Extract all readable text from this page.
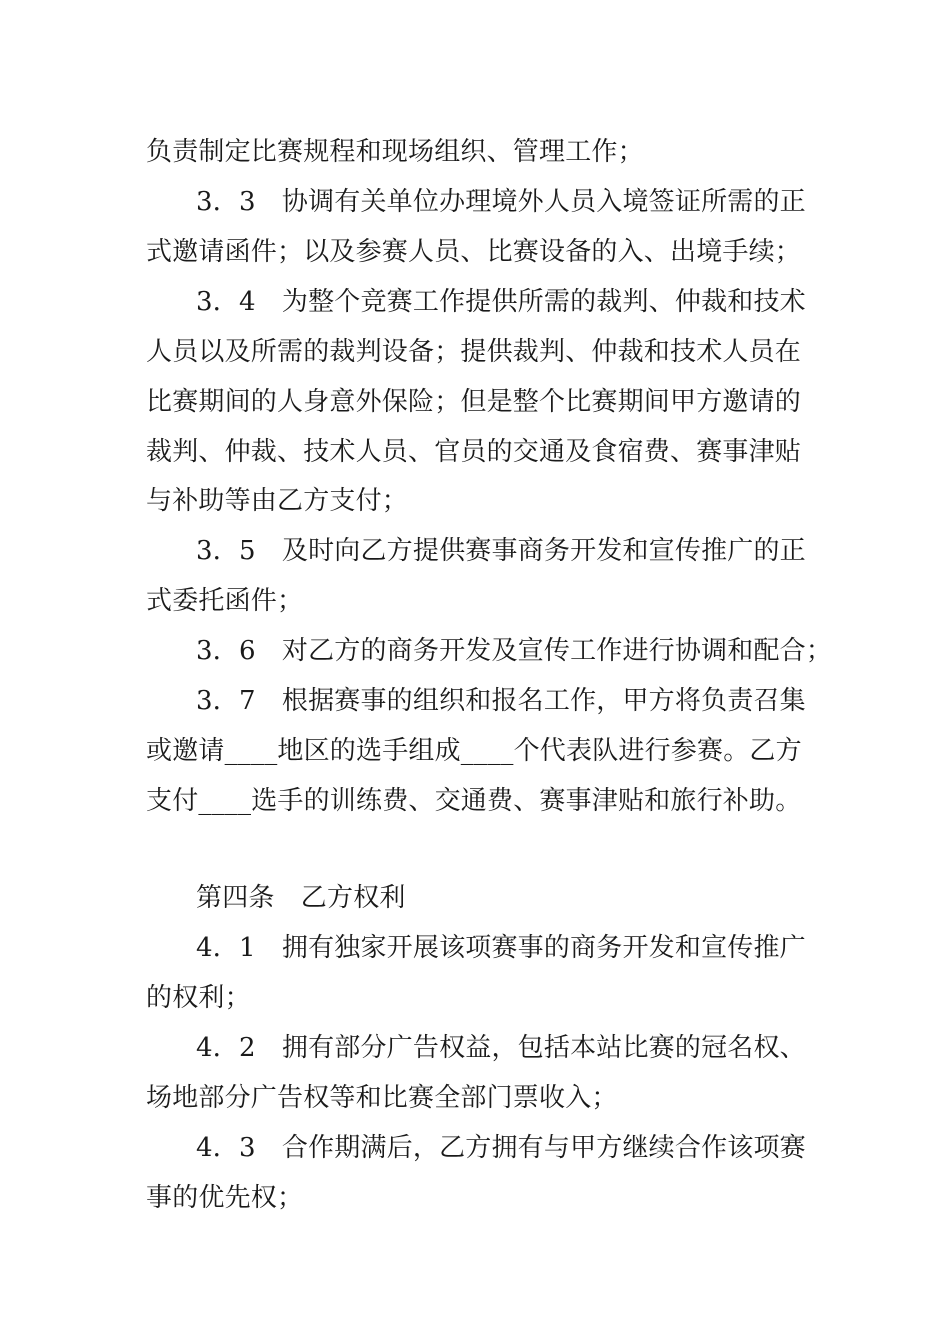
负责制定比赛规程和现场组织、管理工作；
3．3　协调有关单位办理境外人员入境签证所需的正
式邀请函件；以及参赛人员、比赛设备的入、出境手续；
3．4　为整个竞赛工作提供所需的裁判、仲裁和技术
人员以及所需的裁判设备；提供裁判、仲裁和技术人员在
比赛期间的人身意外保险；但是整个比赛期间甲方邀请的
裁判、仲裁、技术人员、官员的交通及食宿费、赛事津贴
与补助等由乙方支付；
3．5　及时向乙方提供赛事商务开发和宣传推广的正
式委托函件；
3．6　对乙方的商务开发及宣传工作进行协调和配合；
3．7　根据赛事的组织和报名工作，甲方将负责召集
或邀请____地区的选手组成____个代表队进行参赛。乙方
支付____选手的训练费、交通费、赛事津贴和旅行补助。
第四条　乙方权利
4．1　拥有独家开展该项赛事的商务开发和宣传推广
的权利；
4．2　拥有部分广告权益，包括本站比赛的冠名权、
场地部分广告权等和比赛全部门票收入；
4．3　合作期满后，乙方拥有与甲方继续合作该项赛
事的优先权；
